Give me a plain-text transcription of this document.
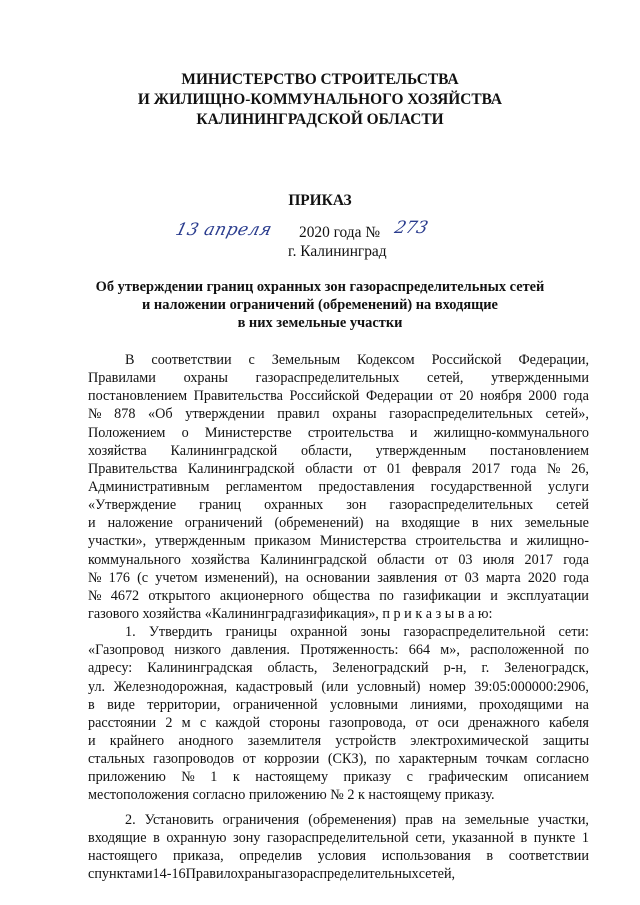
МИНИСТЕРСТВО СТРОИТЕЛЬСТВА
И ЖИЛИЩНО-КОММУНАЛЬНОГО ХОЗЯЙСТВА
КАЛИНИНГРАДСКОЙ ОБЛАСТИ
ПРИКАЗ
13 апреля 2020 года № 273
г. Калининград
Об утверждении границ охранных зон газораспределительных сетей
и наложении ограничений (обременений) на входящие
в них земельные участки
В соответствии с Земельным Кодексом Российской Федерации,
Правилами охраны газораспределительных сетей, утвержденными
постановлением Правительства Российской Федерации от 20 ноября 2000 года
№ 878 «Об утверждении правил охраны газораспределительных сетей»,
Положением о Министерстве строительства и жилищно-коммунального
хозяйства Калининградской области, утвержденным постановлением
Правительства Калининградской области от 01 февраля 2017 года № 26,
Административным регламентом предоставления государственной услуги
«Утверждение границ охранных зон газораспределительных сетей
и наложение ограничений (обременений) на входящие в них земельные
участки», утвержденным приказом Министерства строительства и жилищно-
коммунального хозяйства Калининградской области от 03 июля 2017 года
№ 176 (с учетом изменений), на основании заявления от 03 марта 2020 года
№ 4672 открытого акционерного общества по газификации и эксплуатации
газового хозяйства «Калининградгазификация», п р и к а з ы в а ю:
1. Утвердить границы охранной зоны газораспределительной сети:
«Газопровод низкого давления. Протяженность: 664 м», расположенной по
адресу: Калининградская область, Зеленоградский р-н, г. Зеленоградск,
ул. Железнодорожная, кадастровый (или условный) номер 39:05:000000:2906,
в виде территории, ограниченной условными линиями, проходящими на
расстоянии 2 м с каждой стороны газопровода, от оси дренажного кабеля
и крайнего анодного заземлителя устройств электрохимической защиты
стальных газопроводов от коррозии (СКЗ), по характерным точкам согласно
приложению № 1 к настоящему приказу с графическим описанием
местоположения согласно приложению № 2 к настоящему приказу.
2. Установить ограничения (обременения) прав на земельные участки,
входящие в охранную зону газораспределительной сети, указанной в пункте 1
настоящего приказа, определив условия использования в соответствии
с пунктами 14-16 Правил охраны газораспределительных сетей,
